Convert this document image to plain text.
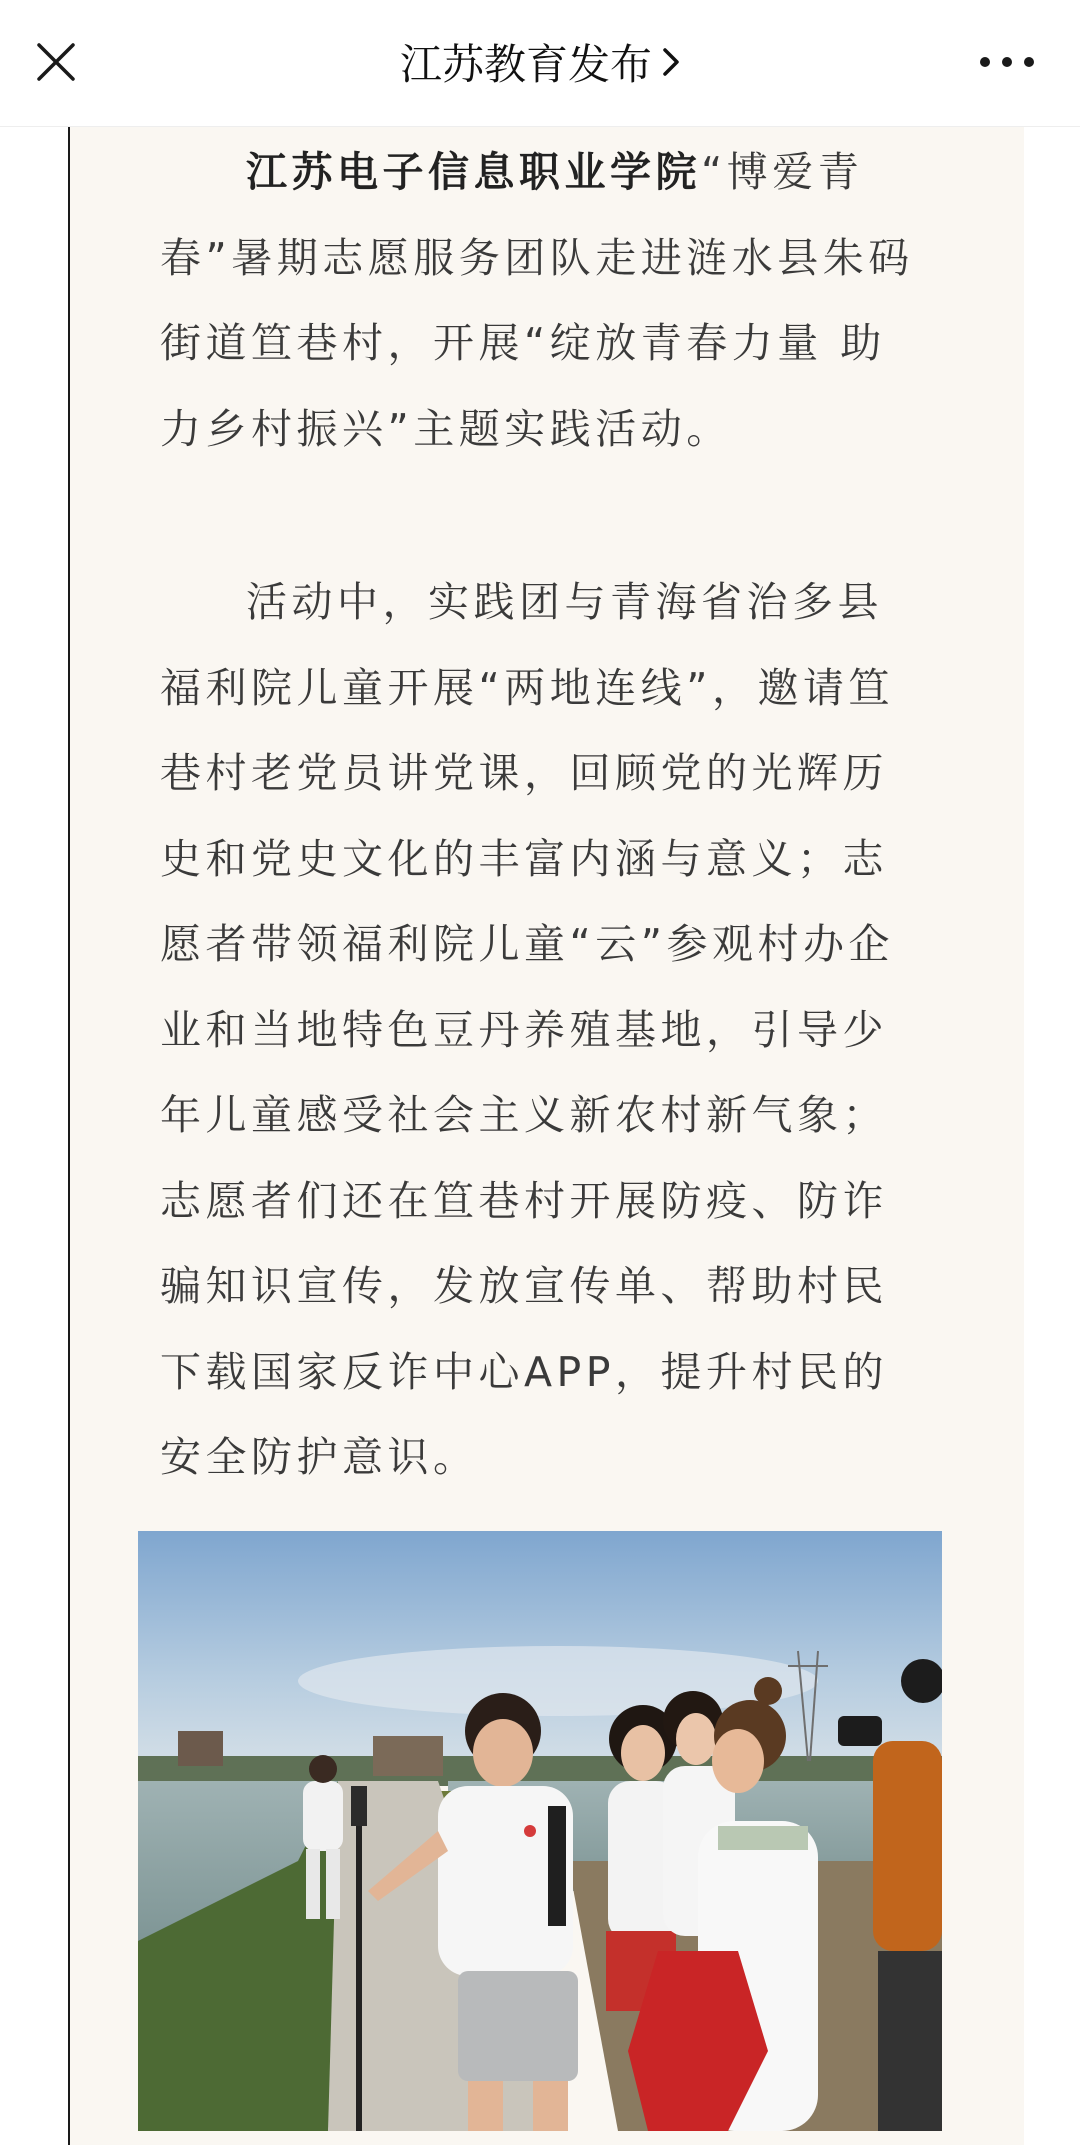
江苏教育发布

江苏电子信息职业学院“博爱青春”暑期志愿服务团队走进涟水县朱码街道笪巷村，开展“绽放青春力量 助力乡村振兴”主题实践活动。

活动中，实践团与青海省治多县福利院儿童开展“两地连线”，邀请笪巷村老党员讲党课，回顾党的光辉历史和党史文化的丰富内涵与意义；志愿者带领福利院儿童“云”参观村办企业和当地特色豆丹养殖基地，引导少年儿童感受社会主义新农村新气象；志愿者们还在笪巷村开展防疫、防诈骗知识宣传，发放宣传单、帮助村民下载国家反诈中心APP，提升村民的安全防护意识。
